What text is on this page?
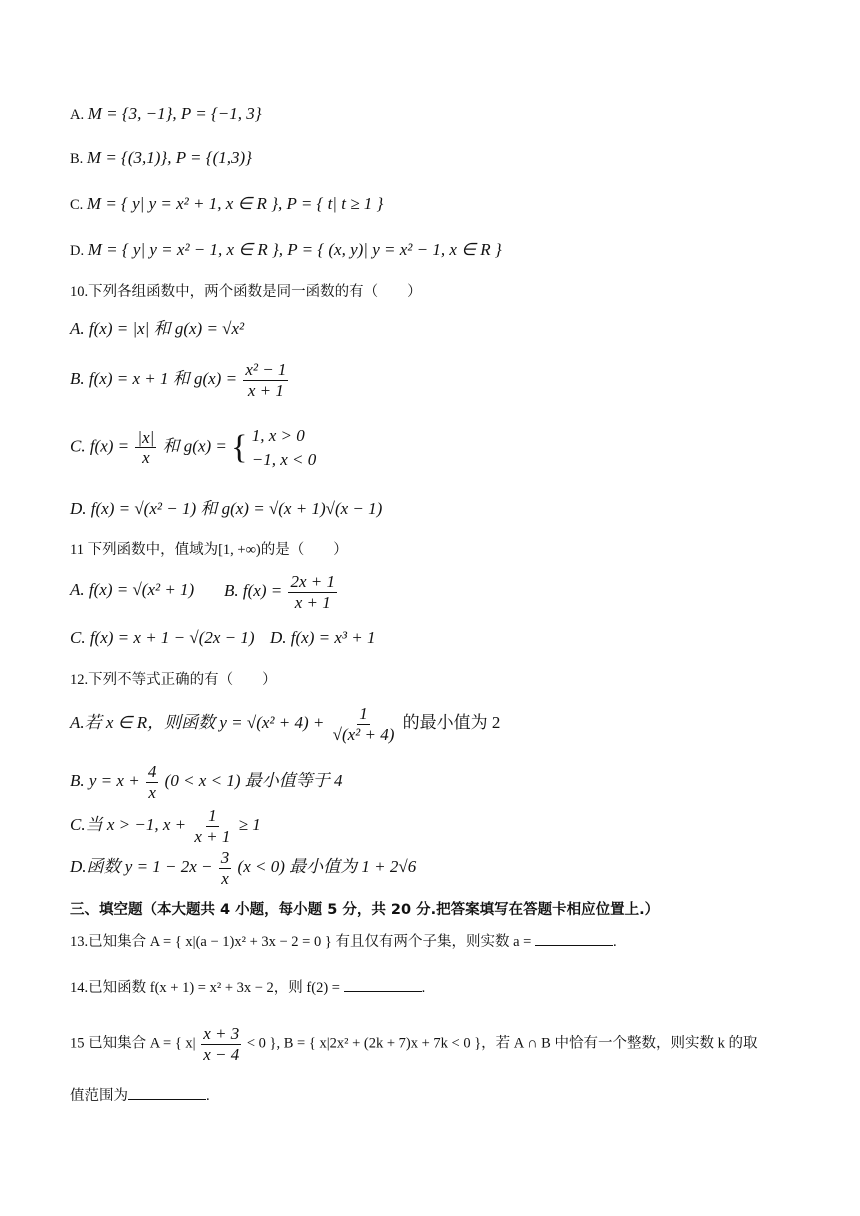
A. M = {3, −1}, P = {−1, 3}
B. M = {(3,1)}, P = {(1,3)}
C. M = { y| y = x² + 1, x ∈ R }, P = { t| t ≥ 1 }
D. M = { y| y = x² − 1, x ∈ R }, P = { (x, y)| y = x² − 1, x ∈ R }
10.下列各组函数中，两个函数是同一函数的有（　　）
A. f(x) = |x| 和 g(x) = √x²
B. f(x) = x + 1 和 $g(x) = \frac{\text{x² − 1}}{x + 1}$
C. $f(x) = \frac{|x|}{x}$ 和 g(x) = { 1, x > 0
−1, x < 0
D. f(x) = √(x² − 1) 和 g(x) = √(x + 1)√(x − 1)
11 下列函数中，值域为[1, +∞)的是（　　）
A. f(x) = √(x² + 1) B. $f(x) = \frac{2x + 1}{x + 1}$
C. f(x) = x + 1 − √(2x − 1) D. f(x) = x³ + 1
12.下列不等式正确的有（　　）
A.若 x ∈ R，则函数 $y = √(x^2 + 4) + \frac{1}{\text{√(x² + 4)}}$ 的最小值为 2
B. $y = x + \frac{4}{x} (0 < x < 1)$ 最小值等于 4
C.当 x > −1, $x + \frac{1}{x + 1} \ge 1$
D.函数 $y = 1 - 2x - \frac{3}{x} (x < 0)$ 最小值为 1 + 2√6
三、填空题（本大题共 4 小题，每小题 5 分，共 20 分.把答案填写在答题卡相应位置上.）
13.已知集合 A = { x|(a − 1)x² + 3x − 2 = 0 } 有且仅有两个子集，则实数 a =	.
14.已知函数 f(x + 1) = x² + 3x − 2，则 f(2) =	.
15 已知集合 A = { $x| \frac{x + 3}{x - 4} < 0$ }, B = { x|2x² + (2k + 7)x + 7k < 0 }，若 A ∩ B 中恰有一个整数，则实数 k 的取
值范围为	.
